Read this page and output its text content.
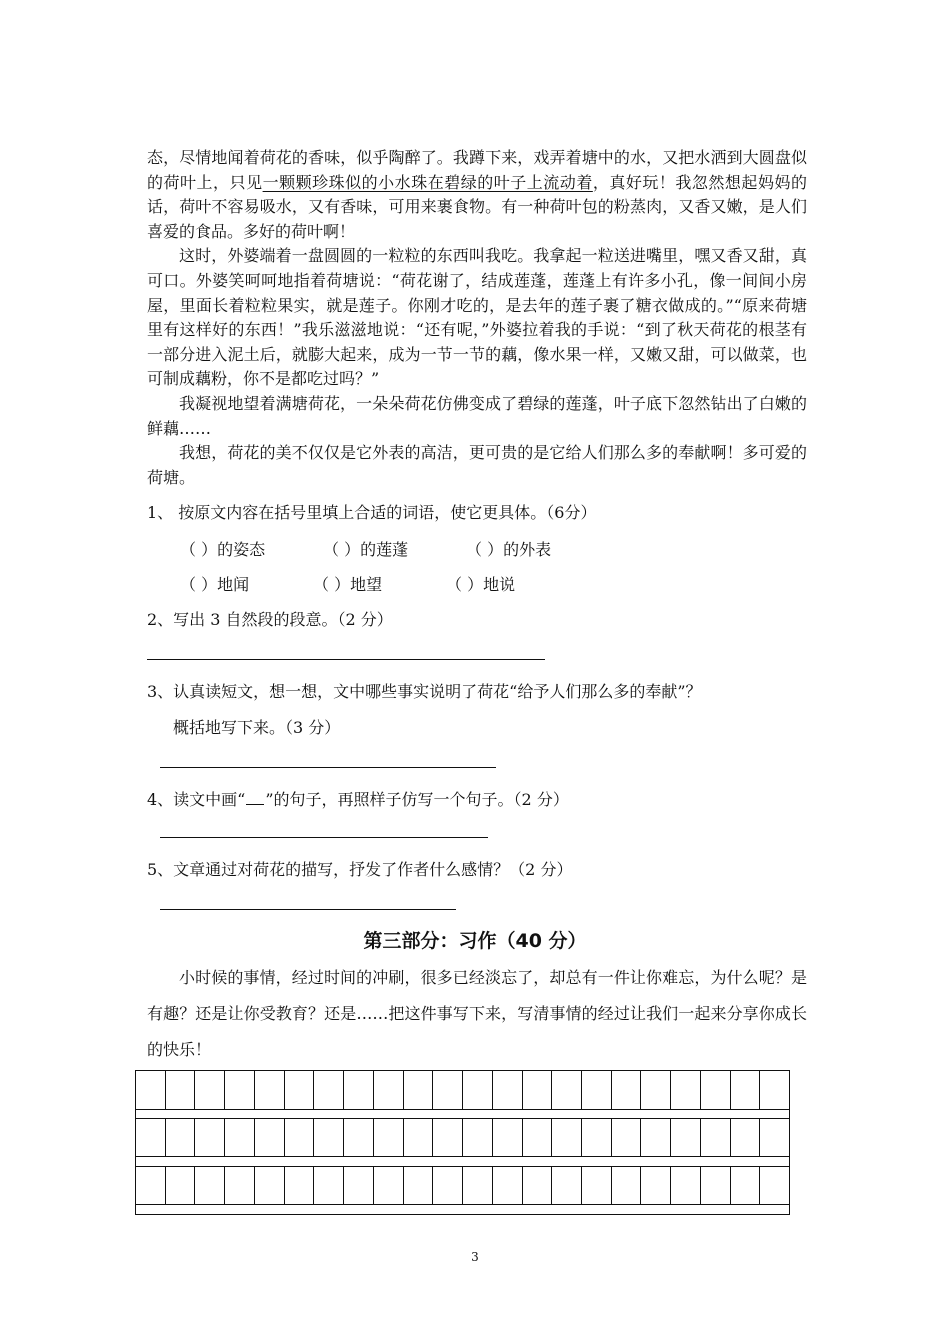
态，尽情地闻着荷花的香味，似乎陶醉了。我蹲下来，戏弄着塘中的水，又把水洒到大圆盘似的荷叶上，只见一颗颗珍珠似的小水珠在碧绿的叶子上流动着，真好玩！我忽然想起妈妈的话，荷叶不容易吸水，又有香味，可用来裹食物。有一种荷叶包的粉蒸肉，又香又嫩，是人们喜爱的食品。多好的荷叶啊！

这时，外婆端着一盘圆圆的一粒粒的东西叫我吃。我拿起一粒送进嘴里，嘿又香又甜，真可口。外婆笑呵呵地指着荷塘说：“荷花谢了，结成莲蓬，莲蓬上有许多小孔，像一间间小房屋，里面长着粒粒果实，就是莲子。你刚才吃的，是去年的莲子裹了糖衣做成的。”“原来荷塘里有这样好的东西！”我乐滋滋地说：“还有呢，”外婆拉着我的手说：“到了秋天荷花的根茎有一部分进入泥土后，就膨大起来，成为一节一节的藕，像水果一样，又嫩又甜，可以做菜，也可制成藕粉，你不是都吃过吗？”

我凝视地望着满塘荷花，一朵朵荷花仿佛变成了碧绿的莲蓬，叶子底下忽然钻出了白嫩的鲜藕……

我想，荷花的美不仅仅是它外表的高洁，更可贵的是它给人们那么多的奉献啊！多可爱的荷塘。

1、 按原文内容在括号里填上合适的词语，使它更具体。（6分）
（ ）的姿态	（ ）的莲蓬	（ ）的外表
（ ）地闻	（ ）地望	（ ）地说
2、写出 3 自然段的段意。（2 分）
3、认真读短文，想一想，文中哪些事实说明了荷花“给予人们那么多的奉献”？
概括地写下来。（3 分）
4、读文中画“ ”的句子，再照样子仿写一个句子。（2 分）
5、文章通过对荷花的描写，抒发了作者什么感情？（2 分）
第三部分：习作（40 分）

小时候的事情，经过时间的冲刷，很多已经淡忘了，却总有一件让你难忘，为什么呢？是有趣？还是让你受教育？还是……把这件事写下来，写清事情的经过让我们一起来分享你成长的快乐！

3
